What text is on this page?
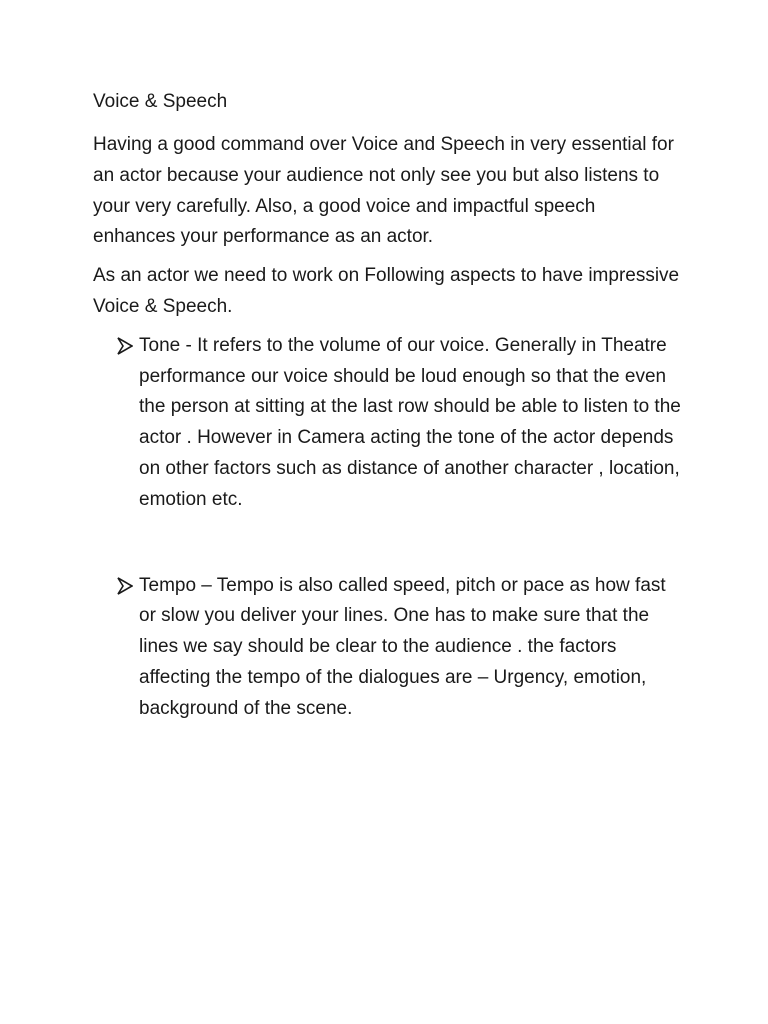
Voice & Speech

Having a good command over Voice and Speech in very essential for an actor because your audience not only see you but also listens to your very carefully. Also, a good voice and impactful speech enhances your performance as an actor.

As an actor we need to work on Following aspects to have impressive Voice & Speech.

Tone - It refers to the volume of our voice. Generally in Theatre performance our voice should be loud enough so that the even the person at sitting at the last row should be able to listen to the actor . However in Camera acting the tone of the actor depends on other factors such as distance of another character , location, emotion etc.
Tempo – Tempo is also called speed, pitch or pace as how fast or slow you deliver your lines. One has to make sure that the lines we say should be clear to the audience . the factors affecting the tempo of the dialogues are – Urgency, emotion, background of the scene.
